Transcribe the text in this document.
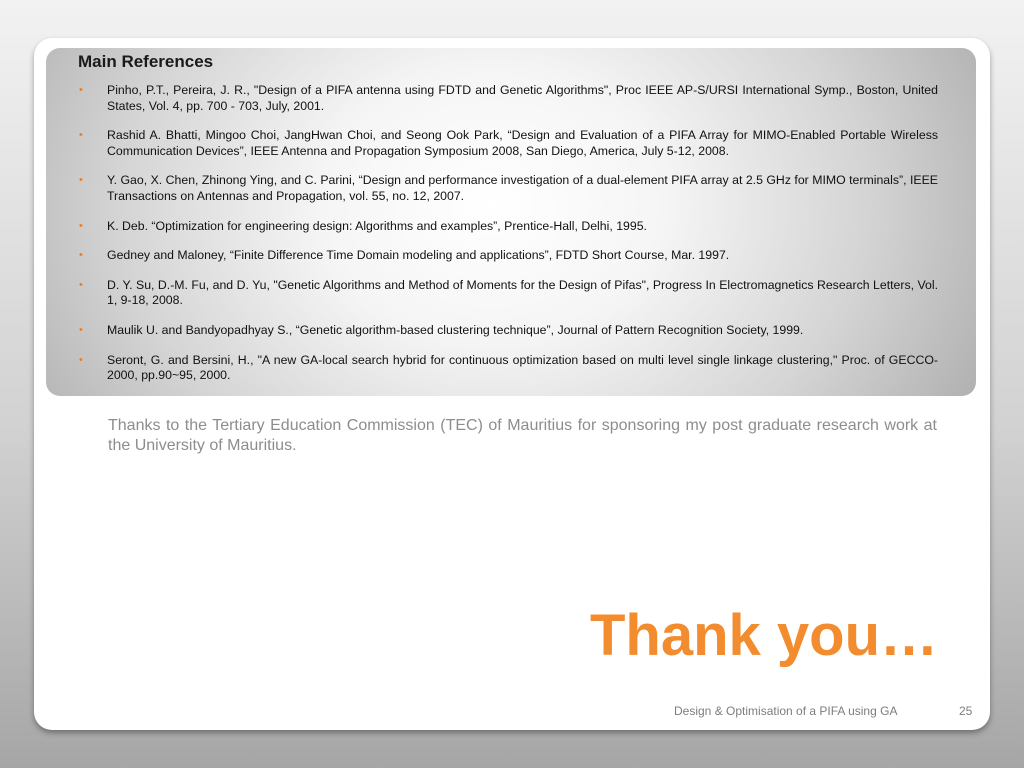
Main References
• Pinho, P.T., Pereira, J. R., "Design of a PIFA antenna using FDTD and Genetic Algorithms", Proc IEEE AP-S/URSI International Symp., Boston, United States, Vol. 4, pp. 700 - 703, July, 2001.
• Rashid A. Bhatti, Mingoo Choi, JangHwan Choi, and Seong Ook Park, “Design and Evaluation of a PIFA Array for MIMO-Enabled Portable Wireless Communication Devices”, IEEE Antenna and Propagation Symposium 2008, San Diego, America, July 5-12, 2008.
• Y. Gao, X. Chen, Zhinong Ying, and C. Parini, “Design and performance investigation of a dual-element PIFA array at 2.5 GHz for MIMO terminals”, IEEE Transactions on Antennas and Propagation, vol. 55, no. 12, 2007.
• K. Deb. “Optimization for engineering design: Algorithms and examples”, Prentice-Hall, Delhi, 1995.
• Gedney and Maloney, “Finite Difference Time Domain modeling and applications”, FDTD Short Course, Mar. 1997.
• D. Y. Su, D.-M. Fu, and D. Yu, "Genetic Algorithms and Method of Moments for the Design of Pifas", Progress In Electromagnetics Research Letters, Vol. 1, 9-18, 2008.
• Maulik U. and Bandyopadhyay S., “Genetic algorithm-based clustering technique”, Journal of Pattern Recognition Society, 1999.
• Seront, G. and Bersini, H., "A new GA-local search hybrid for continuous optimization based on multi level single linkage clustering," Proc. of GECCO-2000, pp.90~95, 2000.

Thanks to the Tertiary Education Commission (TEC) of Mauritius for sponsoring my post graduate research work at the University of Mauritius.

Thank you…
Design & Optimisation of a PIFA using GA	25
